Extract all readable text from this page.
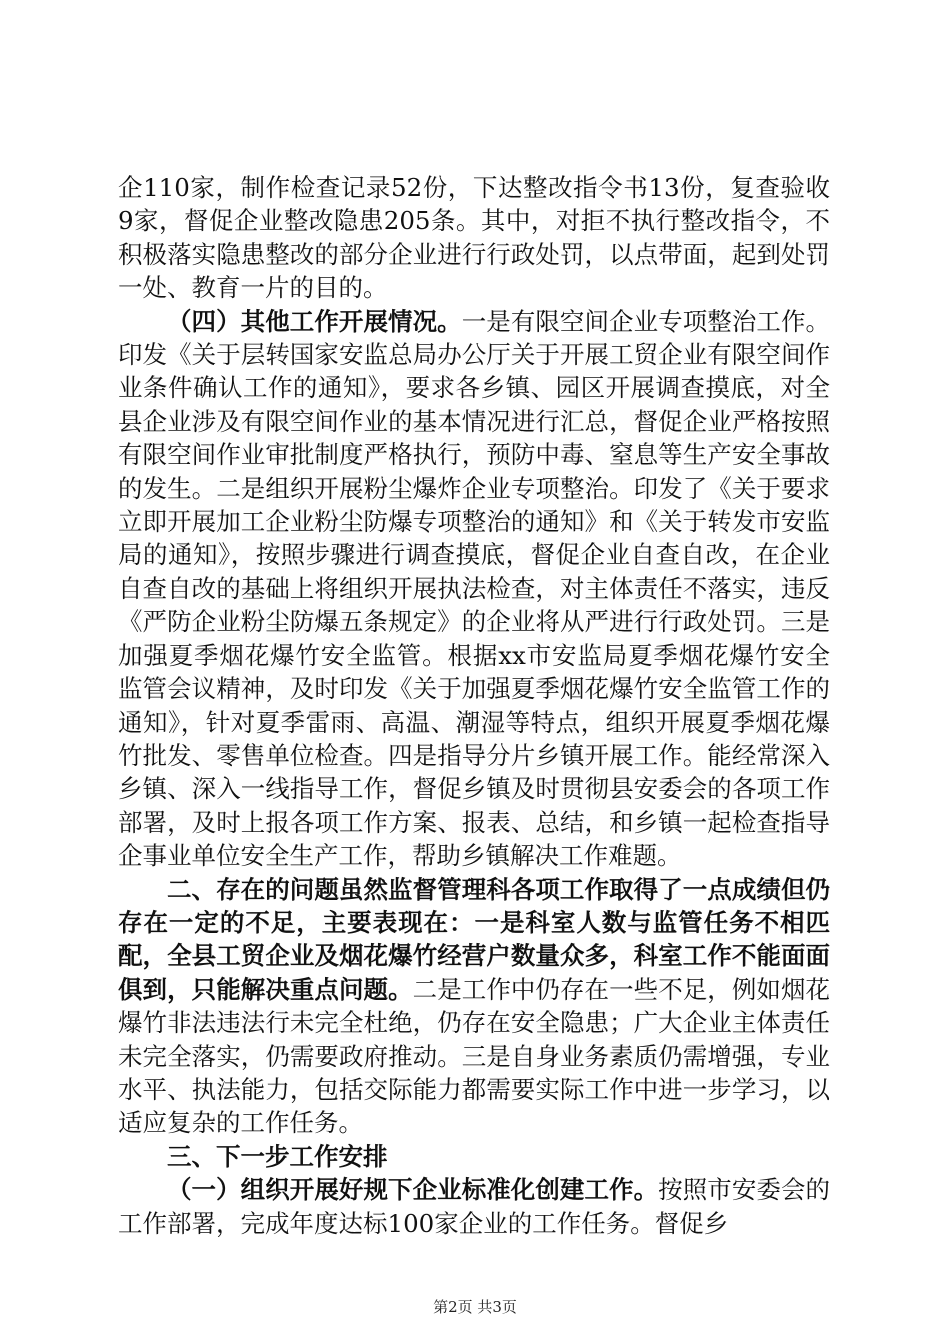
企110家，制作检查记录52份，下达整改指令书13份，复查验收9家，督促企业整改隐患205条。其中，对拒不执行整改指令，不积极落实隐患整改的部分企业进行行政处罚，以点带面，起到处罚一处、教育一片的目的。

（四）其他工作开展情况。一是有限空间企业专项整治工作。印发《关于层转国家安监总局办公厅关于开展工贸企业有限空间作业条件确认工作的通知》，要求各乡镇、园区开展调查摸底，对全县企业涉及有限空间作业的基本情况进行汇总，督促企业严格按照有限空间作业审批制度严格执行，预防中毒、窒息等生产安全事故的发生。二是组织开展粉尘爆炸企业专项整治。印发了《关于要求立即开展加工企业粉尘防爆专项整治的通知》和《关于转发市安监局的通知》，按照步骤进行调查摸底，督促企业自查自改，在企业自查自改的基础上将组织开展执法检查，对主体责任不落实，违反《严防企业粉尘防爆五条规定》的企业将从严进行行政处罚。三是加强夏季烟花爆竹安全监管。根据xx市安监局夏季烟花爆竹安全监管会议精神，及时印发《关于加强夏季烟花爆竹安全监管工作的通知》，针对夏季雷雨、高温、潮湿等特点，组织开展夏季烟花爆竹批发、零售单位检查。四是指导分片乡镇开展工作。能经常深入乡镇、深入一线指导工作，督促乡镇及时贯彻县安委会的各项工作部署，及时上报各项工作方案、报表、总结，和乡镇一起检查指导企事业单位安全生产工作，帮助乡镇解决工作难题。

二、存在的问题虽然监督管理科各项工作取得了一点成绩但仍存在一定的不足，主要表现在：一是科室人数与监管任务不相匹配，全县工贸企业及烟花爆竹经营户数量众多，科室工作不能面面俱到，只能解决重点问题。二是工作中仍存在一些不足，例如烟花爆竹非法违法行未完全杜绝，仍存在安全隐患；广大企业主体责任未完全落实，仍需要政府推动。三是自身业务素质仍需增强，专业水平、执法能力，包括交际能力都需要实际工作中进一步学习，以适应复杂的工作任务。

三、下一步工作安排

（一）组织开展好规下企业标准化创建工作。按照市安委会的工作部署，完成年度达标100家企业的工作任务。督促乡

第2页 共3页
